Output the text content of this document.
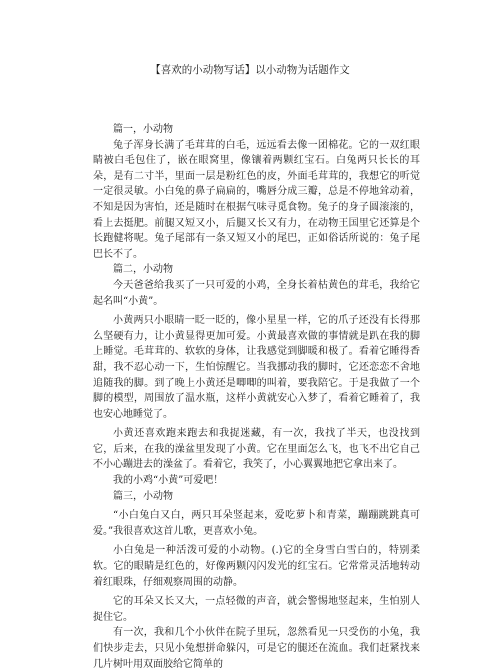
【喜欢的小动物写话】以小动物为话题作文

篇一，小动物

兔子浑身长满了毛茸茸的白毛，远远看去像一团棉花。它的一双红眼睛被白毛包住了，嵌在眼窝里，像镶着两颗红宝石。白兔两只长长的耳朵，是有二寸半，里面一层是粉红色的皮，外面毛茸茸的，我想它的听觉一定很灵敏。小白兔的鼻子扁扁的，嘴唇分成三瓣，总是不停地耸动着，不知是因为害怕，还是随时在根据气味寻觅食物。兔子的身子圆滚滚的，看上去挺肥。前腿又短又小，后腿又长又有力，在动物王国里它还算是个长跑健将呢。兔子尾部有一条又短又小的尾巴，正如俗话所说的：兔子尾巴长不了。

篇二，小动物

今天爸爸给我买了一只可爱的小鸡，全身长着枯黄色的茸毛，我给它起名叫“小黄”。

小黄两只小眼睛一眨一眨的，像小星星一样，它的爪子还没有长得那么坚硬有力，让小黄显得更加可爱。小黄最喜欢做的事情就是趴在我的脚上睡觉。毛茸茸的、软软的身体，让我感觉到脚暖和极了。看着它睡得香甜，我不忍心动一下，生怕惊醒它。当我挪动我的脚时，它还恋恋不舍地追随我的脚。到了晚上小黄还是唧唧的叫着，要我陪它。于是我做了一个脚的模型，周围放了温水瓶，这样小黄就安心入梦了，看着它睡着了，我也安心地睡觉了。

小黄还喜欢跑来跑去和我捉迷藏，有一次，我找了半天，也没找到它，后来，在我的澡盆里发现了小黄。它在里面怎么飞，也飞不出它自己不小心蹦进去的澡盆了。看着它，我笑了，小心翼翼地把它拿出来了。

我的小鸡“小黄”可爱吧！

篇三，小动物

“小白兔白又白，两只耳朵竖起来，爱吃萝卜和青菜，蹦蹦跳跳真可爱。”我很喜欢这首儿歌，更喜欢小兔。

小白兔是一种活泼可爱的小动物。(.)它的全身雪白雪白的，特别柔软。它的眼睛是红色的，好像两颗闪闪发光的红宝石。它常常灵活地转动着红眼珠，仔细观察周围的动静。

它的耳朵又长又大，一点轻微的声音，就会警惕地竖起来，生怕别人捉住它。

有一次，我和几个小伙伴在院子里玩，忽然看见一只受伤的小兔，我们快步走去，只见小兔想拼命躲闪，可是它的腿还在流血。我们赶紧找来几片树叶用双面胶给它简单的
